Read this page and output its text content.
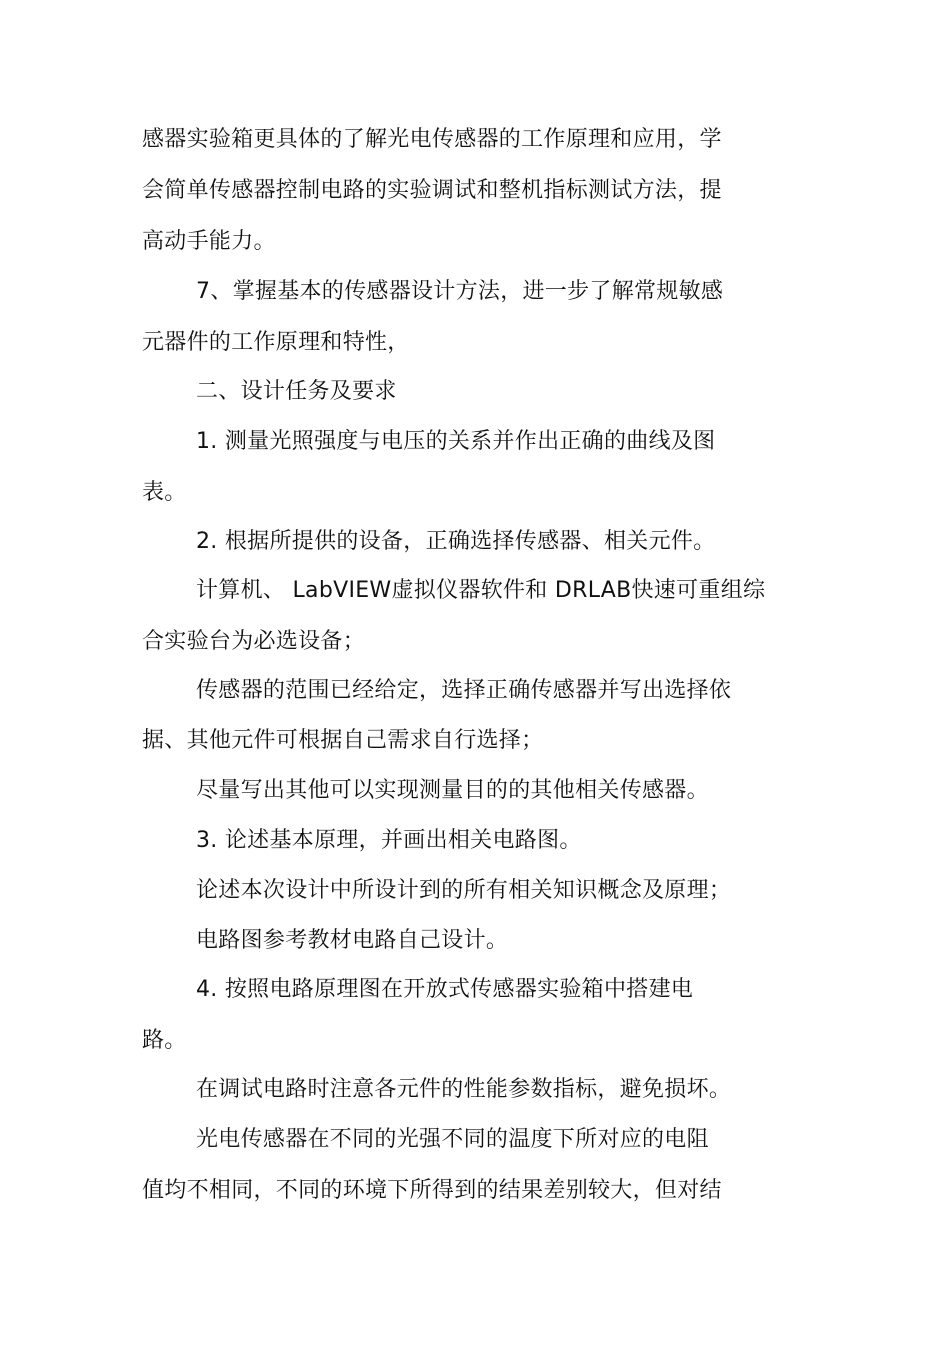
感器实验箱更具体的了解光电传感器的工作原理和应用，学
会简单传感器控制电路的实验调试和整机指标测试方法，提
高动手能力。
7、掌握基本的传感器设计方法，进一步了解常规敏感
元器件的工作原理和特性，
二、设计任务及要求
1. 测量光照强度与电压的关系并作出正确的曲线及图
表。
2. 根据所提供的设备，正确选择传感器、相关元件。
计算机、 LabVIEW虚拟仪器软件和 DRLAB快速可重组综
合实验台为必选设备；
传感器的范围已经给定，选择正确传感器并写出选择依
据、其他元件可根据自己需求自行选择；
尽量写出其他可以实现测量目的的其他相关传感器。
3. 论述基本原理，并画出相关电路图。
论述本次设计中所设计到的所有相关知识概念及原理；
电路图参考教材电路自己设计。
4. 按照电路原理图在开放式传感器实验箱中搭建电
路。
在调试电路时注意各元件的性能参数指标，避免损坏。
光电传感器在不同的光强不同的温度下所对应的电阻
值均不相同，不同的环境下所得到的结果差别较大，但对结
